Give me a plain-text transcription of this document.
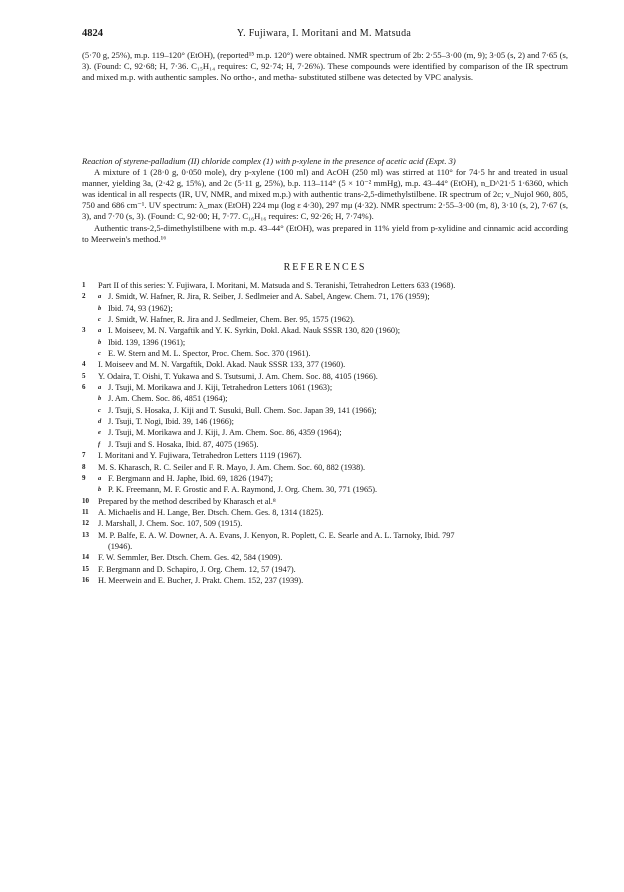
4824	Y. Fujiwara, I. Moritani and M. Matsuda

(5·70 g, 25%), m.p. 119–120° (EtOH), (reported¹⁵ m.p. 120°) were obtained. NMR spectrum of 2b: 2·55–3·00 (m, 9); 3·05 (s, 2) and 7·65 (s, 3). (Found: C, 92·68; H, 7·36. C₁₅H₁₄ requires: C, 92·74; H, 7·26%). These compounds were identified by comparison of the IR spectrum and mixed m.p. with authentic samples. No ortho-, and metha- substituted stilbene was detected by VPC analysis.

Reaction of styrene-palladium (II) chloride complex (1) with p-xylene in the presence of acetic acid (Expt. 3)

A mixture of 1 (28·0 g, 0·050 mole), dry p-xylene (100 ml) and AcOH (250 ml) was stirred at 110° for 74·5 hr and treated in usual manner, yielding 3a, (2·42 g, 15%), and 2c (5·11 g, 25%), b.p. 113–114° (5 × 10⁻² mmHg), m.p. 43–44° (EtOH), n_D^21·5 1·6360, which was identical in all respects (IR, UV, NMR, and mixed m.p.) with authentic trans-2,5-dimethylstilbene. IR spectrum of 2c; ν_Nujol 960, 805, 750 and 686 cm⁻¹. UV spectrum: λ_max (EtOH) 224 mμ (log ε 4·30), 297 mμ (4·32). NMR spectrum: 2·55–3·00 (m, 8), 3·10 (s, 2), 7·67 (s, 3), and 7·70 (s, 3). (Found: C, 92·00; H, 7·77. C₁₆H₁₆ requires: C, 92·26; H, 7·74%).

Authentic trans-2,5-dimethylstilbene with m.p. 43–44° (EtOH), was prepared in 11% yield from p-xylidine and cinnamic acid according to Meerwein's method.¹⁶

REFERENCES
1	Part II of this series: Y. Fujiwara, I. Moritani, M. Matsuda and S. Teranishi, Tetrahedron Letters 633 (1968).
2	a J. Smidt, W. Hafner, R. Jira, R. Seiber, J. Sedlmeier and A. Sabel, Angew. Chem. 71, 176 (1959);
b Ibid. 74, 93 (1962);
c J. Smidt, W. Hafner, R. Jira and J. Sedlmeier, Chem. Ber. 95, 1575 (1962).
3	a I. Moiseev, M. N. Vargaftik and Y. K. Syrkin, Dokl. Akad. Nauk SSSR 130, 820 (1960);
b Ibid. 139, 1396 (1961);
c E. W. Stern and M. L. Spector, Proc. Chem. Soc. 370 (1961).
4	I. Moiseev and M. N. Vargaftik, Dokl. Akad. Nauk SSSR 133, 377 (1960).
5	Y. Odaira, T. Oishi, T. Yukawa and S. Tsutsumi, J. Am. Chem. Soc. 88, 4105 (1966).
6	a J. Tsuji, M. Morikawa and J. Kiji, Tetrahedron Letters 1061 (1963);
b J. Am. Chem. Soc. 86, 4851 (1964);
c J. Tsuji, S. Hosaka, J. Kiji and T. Susuki, Bull. Chem. Soc. Japan 39, 141 (1966);
d J. Tsuji, T. Nogi, Ibid. 39, 146 (1966);
e J. Tsuji, M. Morikawa and J. Kiji, J. Am. Chem. Soc. 86, 4359 (1964);
f J. Tsuji and S. Hosaka, Ibid. 87, 4075 (1965).
7	I. Moritani and Y. Fujiwara, Tetrahedron Letters 1119 (1967).
8	M. S. Kharasch, R. C. Seiler and F. R. Mayo, J. Am. Chem. Soc. 60, 882 (1938).
9	a F. Bergmann and H. Japhe, Ibid. 69, 1826 (1947);
b P. K. Freemann, M. F. Grostic and F. A. Raymond, J. Org. Chem. 30, 771 (1965).
10	Prepared by the method described by Kharasch et al.⁸
11	A. Michaelis and H. Lange, Ber. Dtsch. Chem. Ges. 8, 1314 (1825).
12	J. Marshall, J. Chem. Soc. 107, 509 (1915).
13	M. P. Balfe, E. A. W. Downer, A. A. Evans, J. Kenyon, R. Poplett, C. E. Searle and A. L. Tarnoky, Ibid. 797
(1946).
14	F. W. Semmler, Ber. Dtsch. Chem. Ges. 42, 584 (1909).
15	F. Bergmann and D. Schapiro, J. Org. Chem. 12, 57 (1947).
16	H. Meerwein and E. Bucher, J. Prakt. Chem. 152, 237 (1939).
